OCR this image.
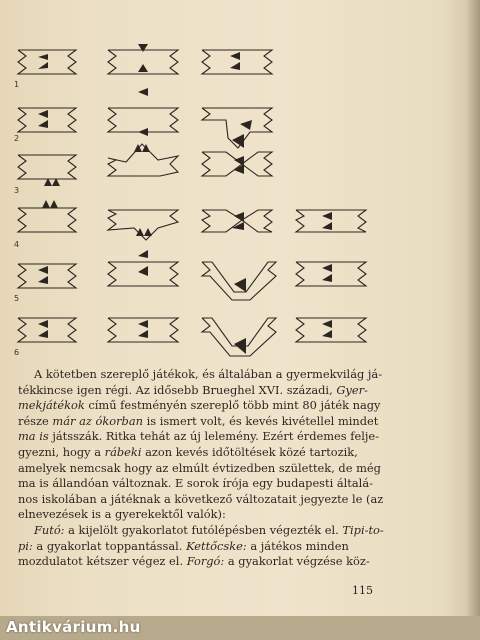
1
2
3
4
5
6
A kötetben szereplő játékok, és általában a gyermekvilág já-
tékkincse igen régi. Az idősebb Brueghel XVI. századi, Gyer-
mekjátékok című festményén szereplő több mint 80 játék nagy
része már az ókorban is ismert volt, és kevés kivétellel mindet
ma is játsszák. Ritka tehát az új lelemény. Ezért érdemes felje-
gyezni, hogy a rábeki azon kevés időtöltések közé tartozik,
amelyek nemcsak hogy az elmúlt évtizedben születtek, de még
ma is állandóan változnak. E sorok írója egy budapesti általá-
nos iskolában a játéknak a következő változatait jegyezte le (az
elnevezések is a gyerekektől valók):
Futó: a kijelölt gyakorlatot futólépésben végezték el. Tipi-to-
pi: a gyakorlat toppantással. Kettőcske: a játékos minden
mozdulatot kétszer végez el. Forgó: a gyakorlat végzése köz-
115
Antikvárium.hu
